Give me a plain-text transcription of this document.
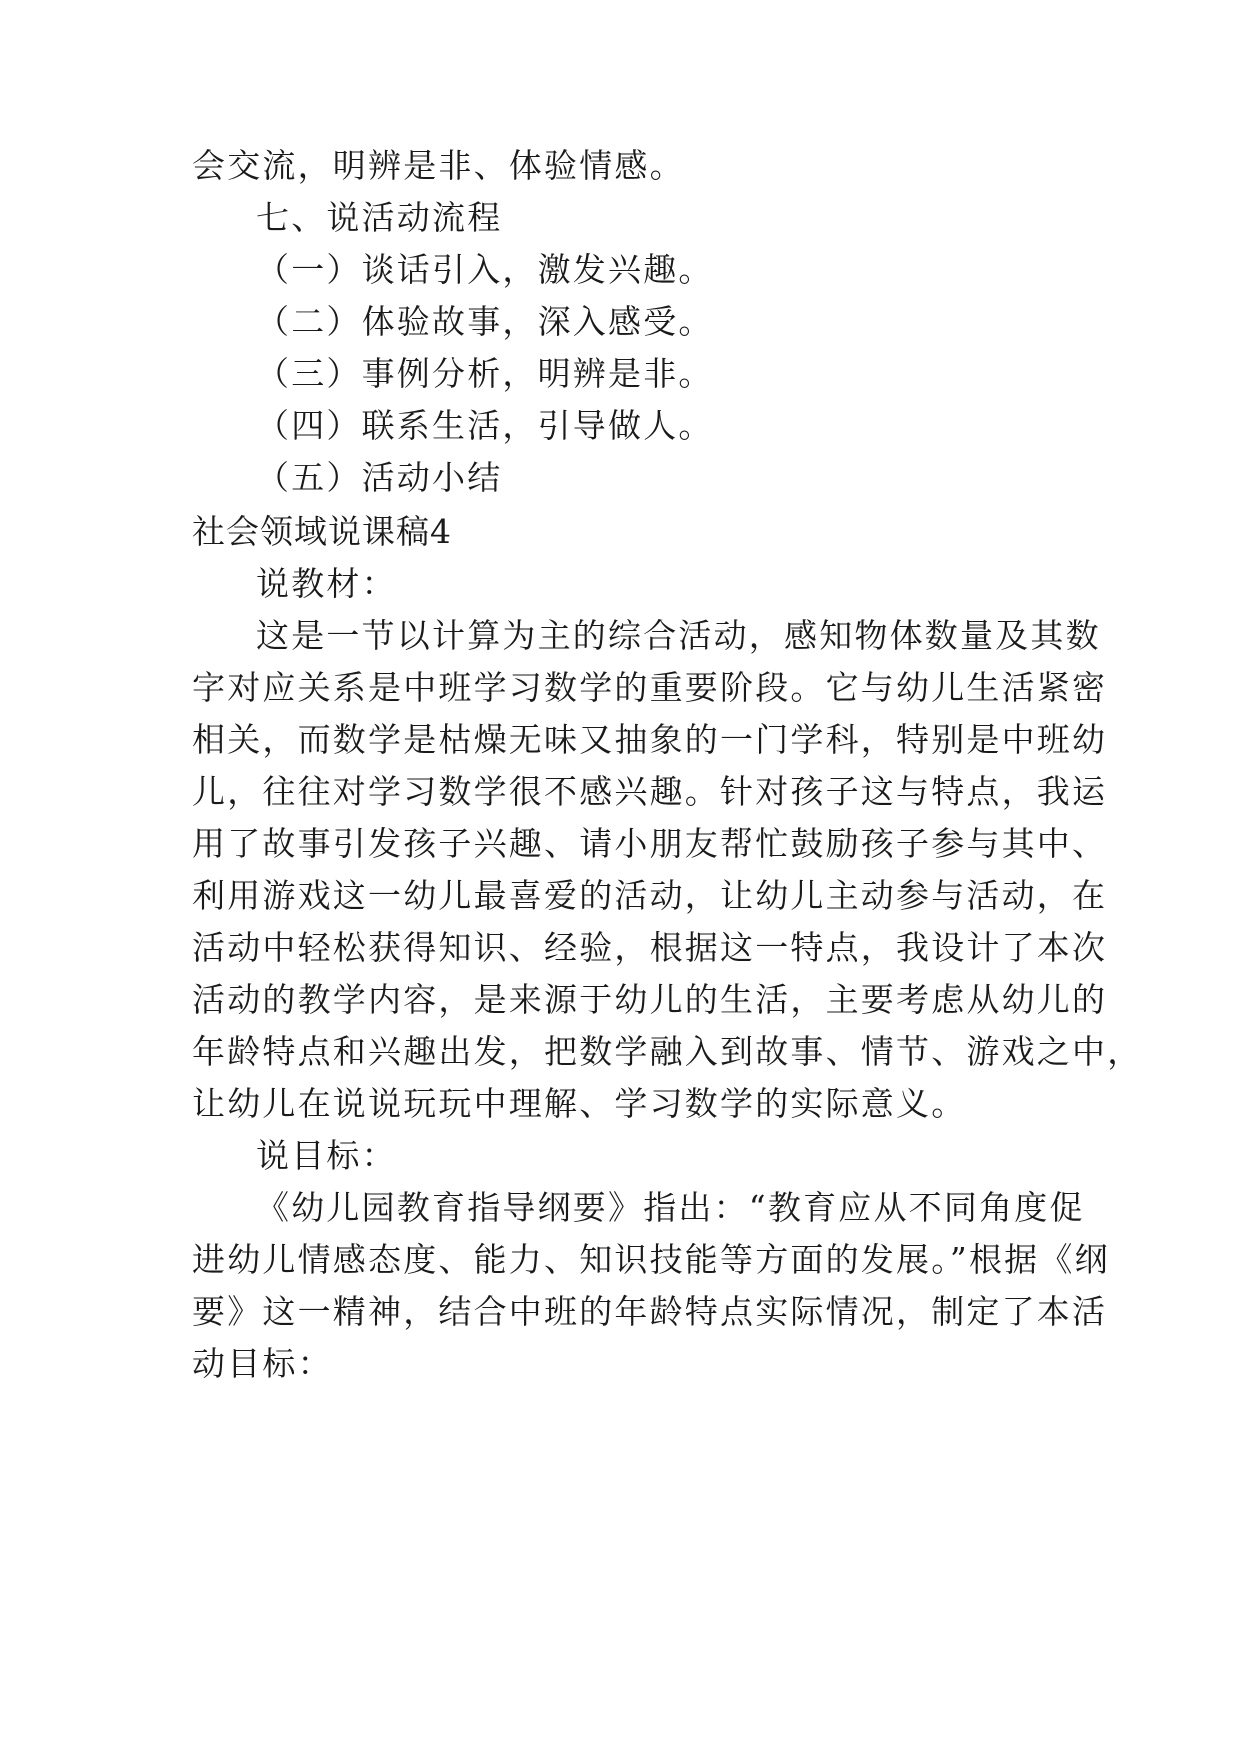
会交流，明辨是非、体验情感。
七、说活动流程
（一）谈话引入，激发兴趣。
（二）体验故事，深入感受。
（三）事例分析，明辨是非。
（四）联系生活，引导做人。
（五）活动小结
社会领域说课稿4
说教材：
这是一节以计算为主的综合活动，感知物体数量及其数
字对应关系是中班学习数学的重要阶段。它与幼儿生活紧密
相关，而数学是枯燥无味又抽象的一门学科，特别是中班幼
儿，往往对学习数学很不感兴趣。针对孩子这与特点，我运
用了故事引发孩子兴趣、请小朋友帮忙鼓励孩子参与其中、
利用游戏这一幼儿最喜爱的活动，让幼儿主动参与活动，在
活动中轻松获得知识、经验，根据这一特点，我设计了本次
活动的教学内容，是来源于幼儿的生活，主要考虑从幼儿的
年龄特点和兴趣出发，把数学融入到故事、情节、游戏之中，
让幼儿在说说玩玩中理解、学习数学的实际意义。
说目标：
《幼儿园教育指导纲要》指出：“教育应从不同角度促
进幼儿情感态度、能力、知识技能等方面的发展。”根据《纲
要》这一精神，结合中班的年龄特点实际情况，制定了本活
动目标：
